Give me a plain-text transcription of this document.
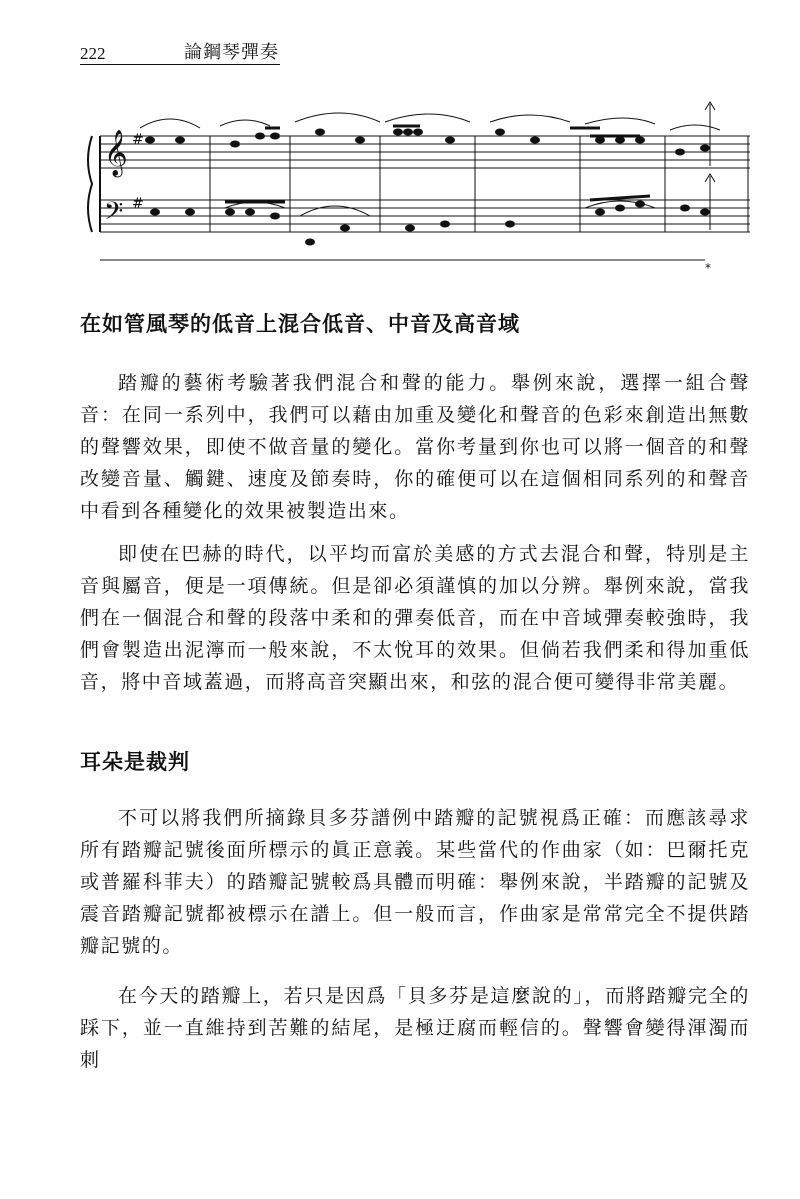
222	論鋼琴彈奏
𝄞
𝄢
#
#
*
在如管風琴的低音上混合低音、中音及高音域

踏瓣的藝術考驗著我們混合和聲的能力。舉例來說，選擇一組合聲音：在同一系列中，我們可以藉由加重及變化和聲音的色彩來創造出無數的聲響效果，即使不做音量的變化。當你考量到你也可以將一個音的和聲改變音量、觸鍵、速度及節奏時，你的確便可以在這個相同系列的和聲音中看到各種變化的效果被製造出來。

即使在巴赫的時代，以平均而富於美感的方式去混合和聲，特別是主音與屬音，便是一項傳統。但是卻必須謹慎的加以分辨。舉例來說，當我們在一個混合和聲的段落中柔和的彈奏低音，而在中音域彈奏較強時，我們會製造出泥濘而一般來說，不太悅耳的效果。但倘若我們柔和得加重低音，將中音域蓋過，而將高音突顯出來，和弦的混合便可變得非常美麗。

耳朵是裁判

不可以將我們所摘錄貝多芬譜例中踏瓣的記號視爲正確：而應該尋求所有踏瓣記號後面所標示的眞正意義。某些當代的作曲家（如：巴爾托克或普羅科菲夫）的踏瓣記號較爲具體而明確：舉例來說，半踏瓣的記號及震音踏瓣記號都被標示在譜上。但一般而言，作曲家是常常完全不提供踏瓣記號的。

在今天的踏瓣上，若只是因爲「貝多芬是這麼說的」，而將踏瓣完全的踩下，並一直維持到苦難的結尾，是極迂腐而輕信的。聲響會變得渾濁而刺
